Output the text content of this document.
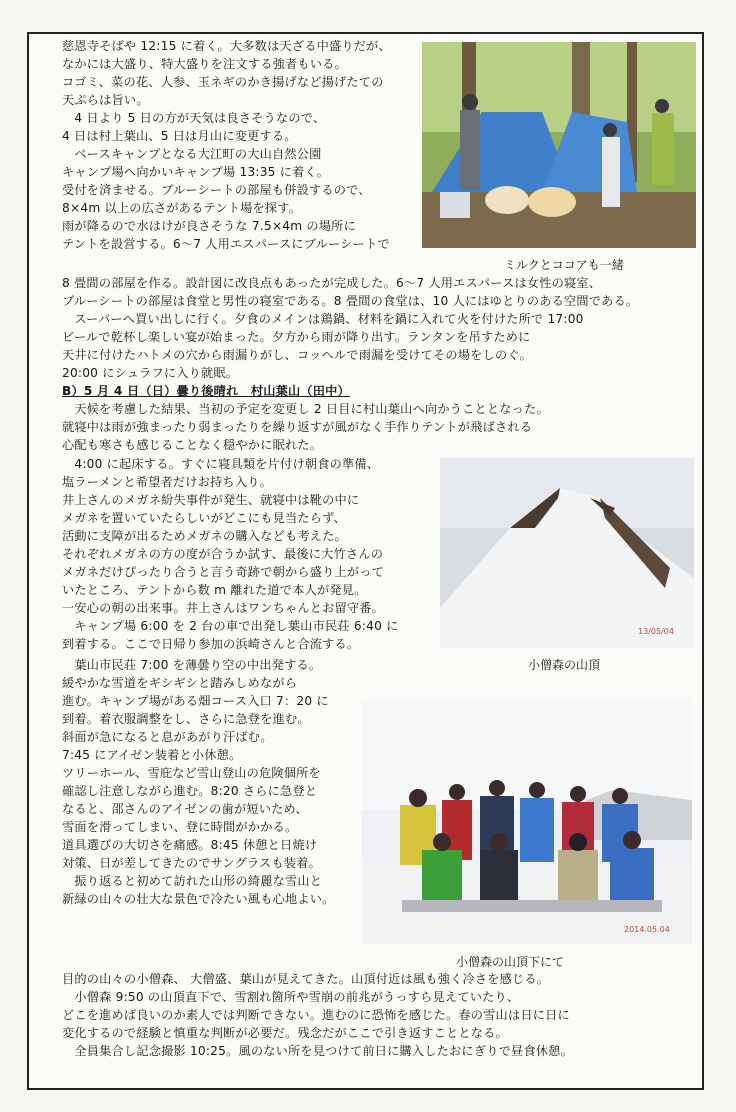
慈恩寺そばや 12:15 に着く。大多数は天ざる中盛りだが、
なかには大盛り、特大盛りを注文する強者もいる。
コゴミ、菜の花、人参、玉ネギのかき揚げなど揚げたての
天ぷらは旨い。
　4 日より 5 日の方が天気は良さそうなので、
4 日は村上葉山、5 日は月山に変更する。
　ベースキャンプとなる大江町の大山自然公園
キャンプ場へ向かいキャンプ場 13:35 に着く。
受付を済ませる。ブルーシートの部屋も併設するので、
8×4m 以上の広さがあるテント場を探す。
雨が降るので水はけが良さそうな 7.5×4m の場所に
テントを設営する。6～7 人用エスパースにブルーシートで
ミルクとココアも一緒
8 畳間の部屋を作る。設計図に改良点もあったが完成した。6～7 人用エスパースは女性の寝室、
ブルーシートの部屋は食堂と男性の寝室である。8 畳間の食堂は、10 人にはゆとりのある空間である。
　スーパーへ買い出しに行く。夕食のメインは鶏鍋、材料を鍋に入れて火を付けた所で 17:00
ビールで乾杯し楽しい宴が始まった。夕方から雨が降り出す。ランタンを吊すために
天井に付けたハトメの穴から雨漏りがし、コッヘルで雨漏を受けてその場をしのぐ。
20:00 にシュラフに入り就眠。
B）5 月 4 日（日）曇り後晴れ　村山葉山（田中）
　天候を考慮した結果、当初の予定を変更し 2 日目に村山葉山へ向かうこととなった。
就寝中は雨が強まったり弱まったりを繰り返すが風がなく手作りテントが飛ばされる
心配も寒さも感じることなく穏やかに眠れた。
　4:00 に起床する。すぐに寝具類を片付け朝食の準備、
塩ラーメンと希望者だけお持ち入り。
井上さんのメガネ紛失事件が発生、就寝中は靴の中に
メガネを置いていたらしいがどこにも見当たらず、
活動に支障が出るためメガネの購入なども考えた。
それぞれメガネの方の度が合うか試す、最後に大竹さんの
メガネだけぴったり合うと言う奇跡で朝から盛り上がって
いたところ、テントから数 m 離れた道で本人が発見。
一安心の朝の出来事。井上さんはワンちゃんとお留守番。
　キャンプ場 6:00 を 2 台の車で出発し葉山市民荘 6:40 に
到着する。ここで日帰り参加の浜崎さんと合流する。
13/05/04
小僧森の山頂
　葉山市民荘 7:00 を薄曇り空の中出発する。
緩やかな雪道をギシギシと踏みしめながら
進む。キャンプ場がある畑コース入口 7：20 に
到着。着衣服調整をし、さらに急登を進む。
斜面が急になると息があがり汗ばむ。
7:45 にアイゼン装着と小休憩。
ツリーホール、雪庇など雪山登山の危険個所を
確認し注意しながら進む。8:20 さらに急登と
なると、邵さんのアイゼンの歯が短いため、
雪面を滑ってしまい、登に時間がかかる。
道具選びの大切さを痛感。8:45 休憩と日焼け
対策、日が差してきたのでサングラスも装着。
　振り返ると初めて訪れた山形の綺麗な雪山と
新緑の山々の壮大な景色で冷たい風も心地よい。
2014.05.04
小僧森の山頂下にて
目的の山々の小僧森、 大僧盛、葉山が見えてきた。山頂付近は風も強く冷さを感じる。
　小僧森 9:50 の山頂直下で、雪割れ箇所や雪崩の前兆がうっすら見えていたり、
どこを進めば良いのか素人では判断できない。進むのに恐怖を感じた。春の雪山は日に日に
変化するので経験と慎重な判断が必要だ。残念だがここで引き返すこととなる。
　全員集合し記念撮影 10:25。風のない所を見つけて前日に購入したおにぎりで昼食休憩。
